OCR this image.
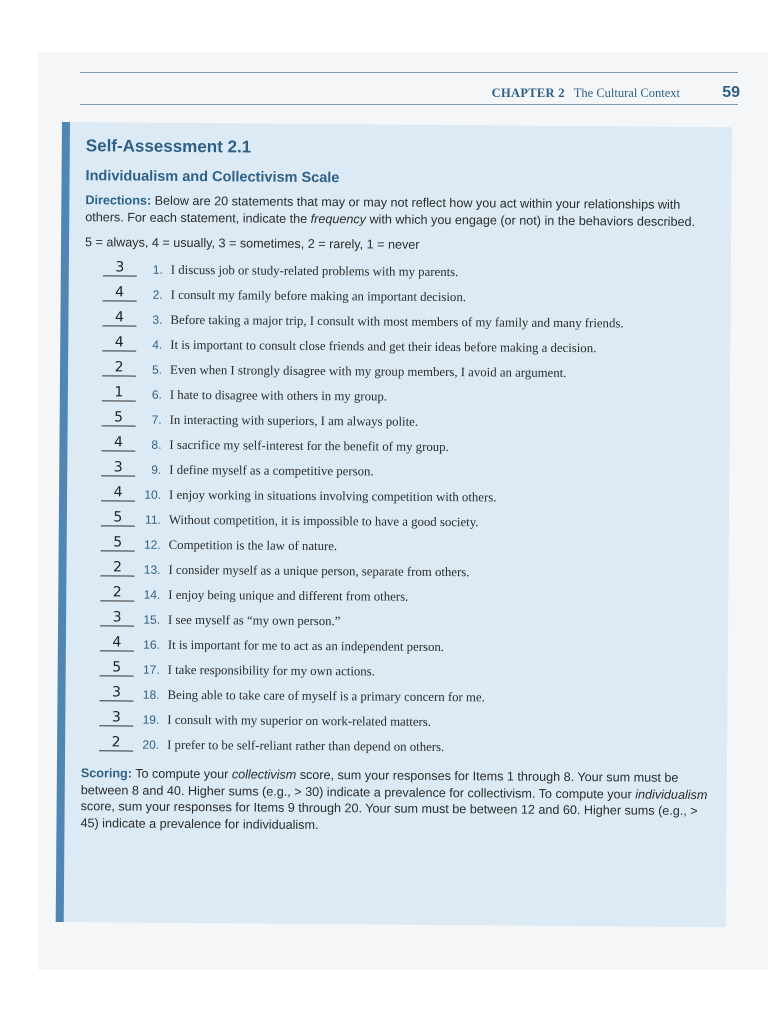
CHAPTER 2 The Cultural Context	59
Self-Assessment 2.1
Individualism and Collectivism Scale

Directions: Below are 20 statements that may or may not reflect how you act within your relationships with others. For each statement, indicate the frequency with which you engage (or not) in the behaviors described.

5 = always, 4 = usually, 3 = sometimes, 2 = rarely, 1 = never

3	1. I discuss job or study-related problems with my parents.
4	2. I consult my family before making an important decision.
4	3. Before taking a major trip, I consult with most members of my family and many friends.
4	4. It is important to consult close friends and get their ideas before making a decision.
2	5. Even when I strongly disagree with my group members, I avoid an argument.
1	6. I hate to disagree with others in my group.
5	7. In interacting with superiors, I am always polite.
4	8. I sacrifice my self-interest for the benefit of my group.
3	9. I define myself as a competitive person.
4	10. I enjoy working in situations involving competition with others.
5	11. Without competition, it is impossible to have a good society.
5	12. Competition is the law of nature.
2	13. I consider myself as a unique person, separate from others.
2	14. I enjoy being unique and different from others.
3	15. I see myself as “my own person.”
4	16. It is important for me to act as an independent person.
5	17. I take responsibility for my own actions.
3	18. Being able to take care of myself is a primary concern for me.
3	19. I consult with my superior on work-related matters.
2	20. I prefer to be self-reliant rather than depend on others.

Scoring: To compute your collectivism score, sum your responses for Items 1 through 8. Your sum must be between 8 and 40. Higher sums (e.g., > 30) indicate a prevalence for collectivism. To compute your individualism score, sum your responses for Items 9 through 20. Your sum must be between 12 and 60. Higher sums (e.g., > 45) indicate a prevalence for individualism.
